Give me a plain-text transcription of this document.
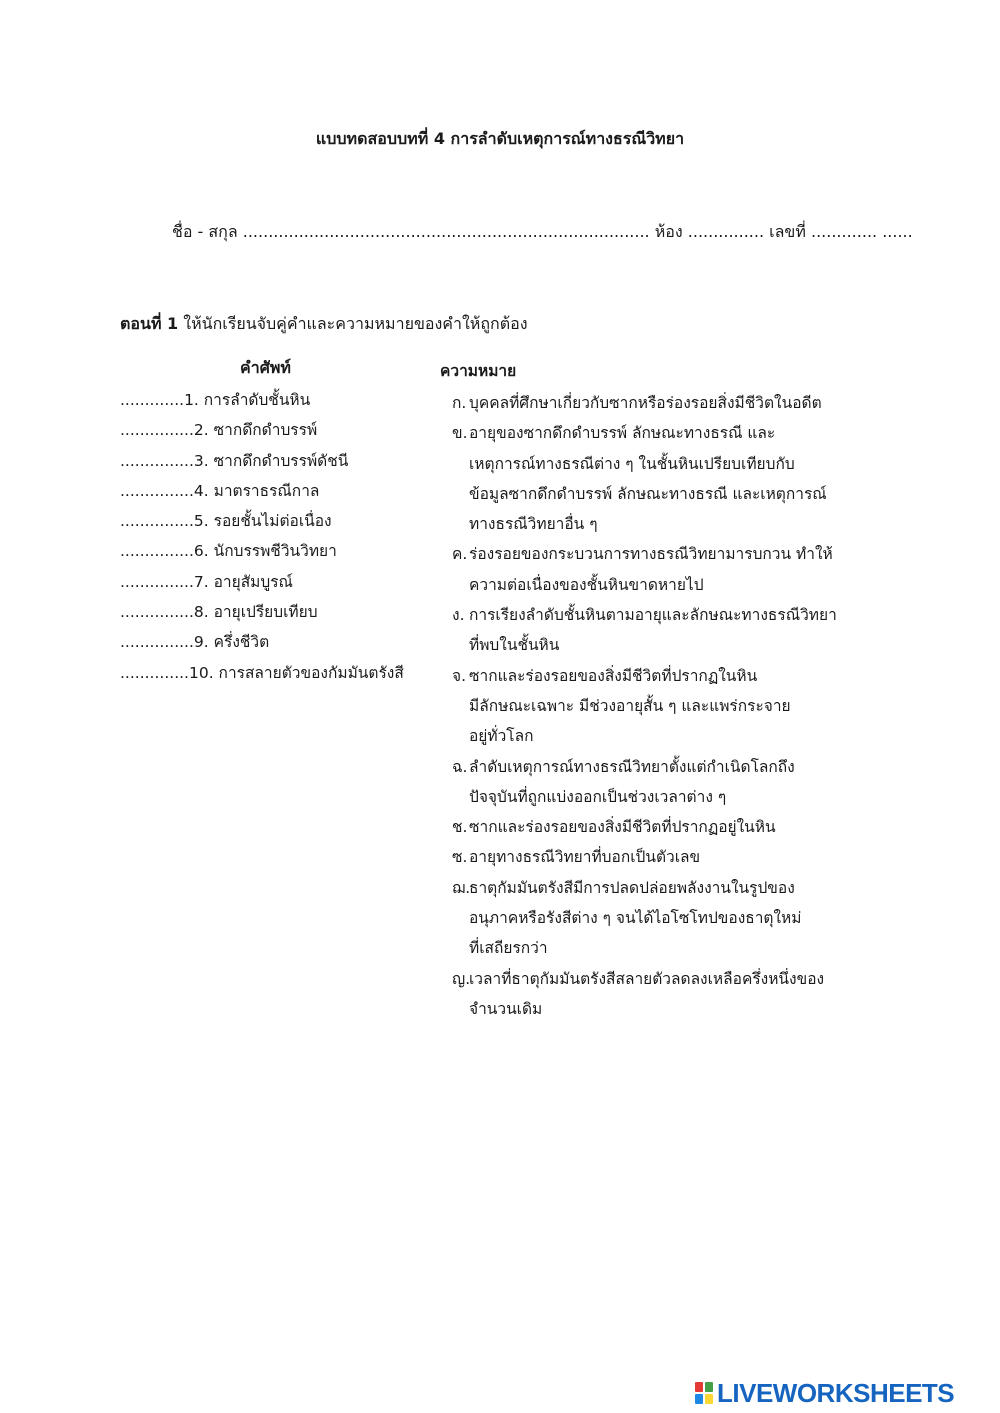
แบบทดสอบบทที่ 4 การลำดับเหตุการณ์ทางธรณีวิทยา
ชื่อ - สกุล ................................................................................ ห้อง ............... เลขที่ ............. ......
ตอนที่ 1 ให้นักเรียนจับคู่คำและความหมายของคำให้ถูกต้อง
คำศัพท์	ความหมาย
.............1. การลำดับชั้นหิน
...............2. ซากดึกดำบรรพ์
...............3. ซากดึกดำบรรพ์ดัชนี
...............4. มาตราธรณีกาล
...............5. รอยชั้นไม่ต่อเนื่อง
...............6. นักบรรพชีวินวิทยา
...............7. อายุสัมบูรณ์
...............8. อายุเปรียบเทียบ
...............9. ครึ่งชีวิต
..............10. การสลายตัวของกัมมันตรังสี
ก. บุคคลที่ศึกษาเกี่ยวกับซากหรือร่องรอยสิ่งมีชีวิตในอดีต
ข. อายุของซากดึกดำบรรพ์ ลักษณะทางธรณี และ
เหตุการณ์ทางธรณีต่าง ๆ ในชั้นหินเปรียบเทียบกับ
ข้อมูลซากดึกดำบรรพ์ ลักษณะทางธรณี และเหตุการณ์
ทางธรณีวิทยาอื่น ๆ
ค. ร่องรอยของกระบวนการทางธรณีวิทยามารบกวน ทำให้
ความต่อเนื่องของชั้นหินขาดหายไป
ง. การเรียงลำดับชั้นหินตามอายุและลักษณะทางธรณีวิทยา
ที่พบในชั้นหิน
จ. ซากและร่องรอยของสิ่งมีชีวิตที่ปรากฏในหิน
มีลักษณะเฉพาะ มีช่วงอายุสั้น ๆ และแพร่กระจาย
อยู่ทั่วโลก
ฉ. ลำดับเหตุการณ์ทางธรณีวิทยาตั้งแต่กำเนิดโลกถึง
ปัจจุบันที่ถูกแบ่งออกเป็นช่วงเวลาต่าง ๆ
ช. ซากและร่องรอยของสิ่งมีชีวิตที่ปรากฏอยู่ในหิน
ซ. อายุทางธรณีวิทยาที่บอกเป็นตัวเลข
ฌ.
ธาตุกัมมันตรังสีมีการปลดปล่อยพลังงานในรูปของ
อนุภาคหรือรังสีต่าง ๆ จนได้ไอโซโทปของธาตุใหม่
ที่เสถียรกว่า
ญ.
เวลาที่ธาตุกัมมันตรังสีสลายตัวลดลงเหลือครึ่งหนึ่งของ
จำนวนเดิม
LIVEWORKSHEETS
